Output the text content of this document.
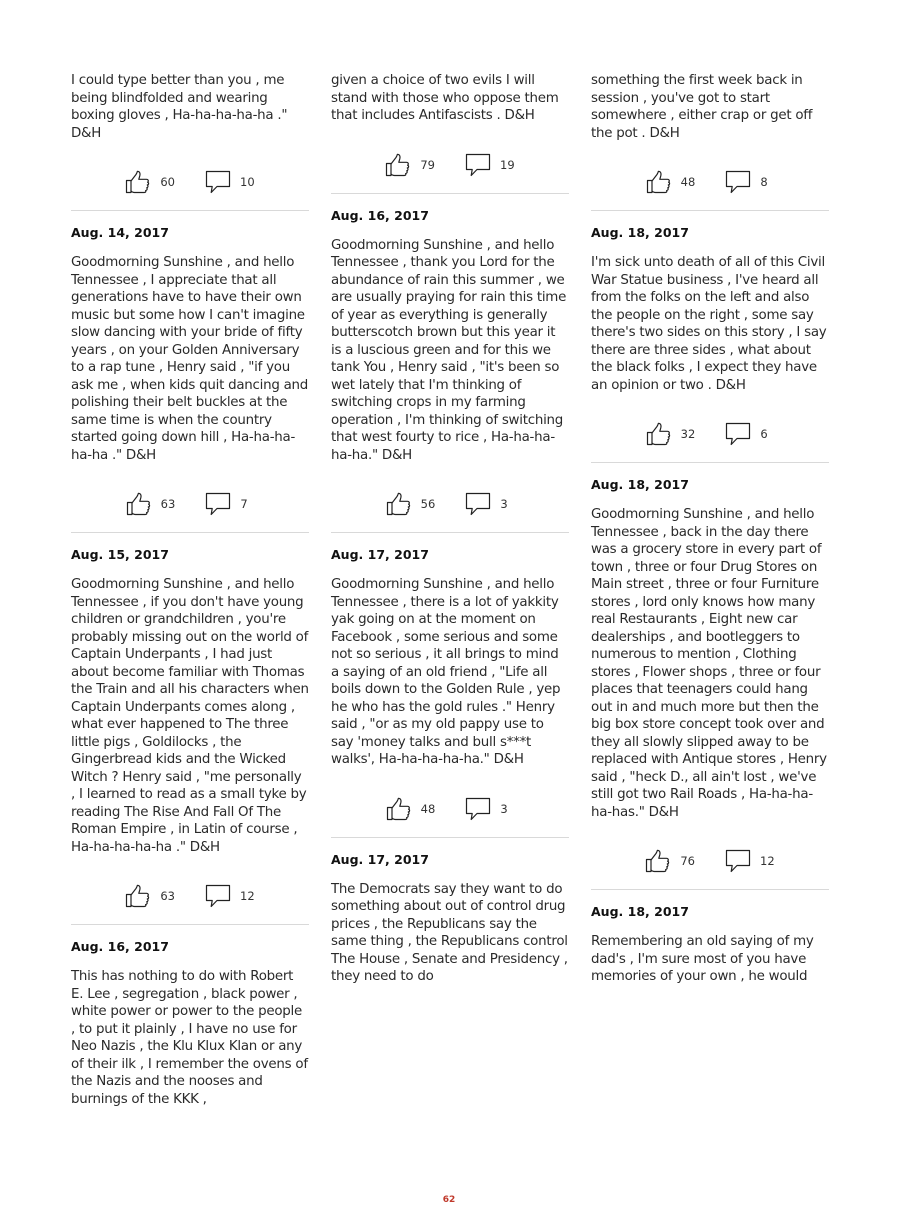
I could type better than you , me being blindfolded and wearing boxing gloves , Ha-ha-ha-ha-ha ." D&H

60	10
Aug. 14, 2017

Goodmorning Sunshine , and hello Tennessee , I appreciate that all generations have to have their own music but some how I can't imagine slow dancing with your bride of fifty years , on your Golden Anniversary to a rap tune , Henry said , "if you ask me , when kids quit dancing and polishing their belt buckles at the same time is when the country started going down hill , Ha-ha-ha-ha-ha ." D&H

63	7
Aug. 15, 2017

Goodmorning Sunshine , and hello Tennessee , if you don't have young children or grandchildren , you're probably missing out on the world of Captain Underpants , I had just about become familiar with Thomas the Train and all his characters when Captain Underpants comes along , what ever happened to The three little pigs , Goldilocks , the Gingerbread kids and the Wicked Witch ? Henry said , "me personally , I learned to read as a small tyke by reading The Rise And Fall Of The Roman Empire , in Latin of course , Ha-ha-ha-ha-ha ." D&H

63	12
Aug. 16, 2017

This has nothing to do with Robert E. Lee , segregation , black power , white power or power to the people , to put it plainly , I have no use for Neo Nazis , the Klu Klux Klan or any of their ilk , I remember the ovens of the Nazis and the nooses and burnings of the KKK ,

given a choice of two evils I will stand with those who oppose them that includes Antifascists . D&H

79	19
Aug. 16, 2017

Goodmorning Sunshine , and hello Tennessee , thank you Lord for the abundance of rain this summer , we are usually praying for rain this time of year as everything is generally butterscotch brown but this year it is a luscious green and for this we tank You , Henry said , "it's been so wet lately that I'm thinking of switching crops in my farming operation , I'm thinking of switching that west fourty to rice , Ha-ha-ha-ha-ha." D&H

56	3
Aug. 17, 2017

Goodmorning Sunshine , and hello Tennessee , there is a lot of yakkity yak going on at the moment on Facebook , some serious and some not so serious , it all brings to mind a saying of an old friend , "Life all boils down to the Golden Rule , yep he who has the gold rules ." Henry said , "or as my old pappy use to say 'money talks and bull s***t walks', Ha-ha-ha-ha-ha." D&H

48	3
Aug. 17, 2017

The Democrats say they want to do something about out of control drug prices , the Republicans say the same thing , the Republicans control The House , Senate and Presidency , they need to do

something the first week back in session , you've got to start somewhere , either crap or get off the pot . D&H

48	8
Aug. 18, 2017

I'm sick unto death of all of this Civil War Statue business , I've heard all from the folks on the left and also the people on the right , some say there's two sides on this story , I say there are three sides , what about the black folks , I expect they have an opinion or two . D&H

32	6
Aug. 18, 2017

Goodmorning Sunshine , and hello Tennessee , back in the day there was a grocery store in every part of town , three or four Drug Stores on Main street , three or four Furniture stores , lord only knows how many real Restaurants , Eight new car dealerships , and bootleggers to numerous to mention , Clothing stores , Flower shops , three or four places that teenagers could hang out in and much more but then the big box store concept took over and they all slowly slipped away to be replaced with Antique stores , Henry said , "heck D., all ain't lost , we've still got two Rail Roads , Ha-ha-ha-ha-has." D&H

76	12
Aug. 18, 2017

Remembering an old saying of my dad's , I'm sure most of you have memories of your own , he would

62
